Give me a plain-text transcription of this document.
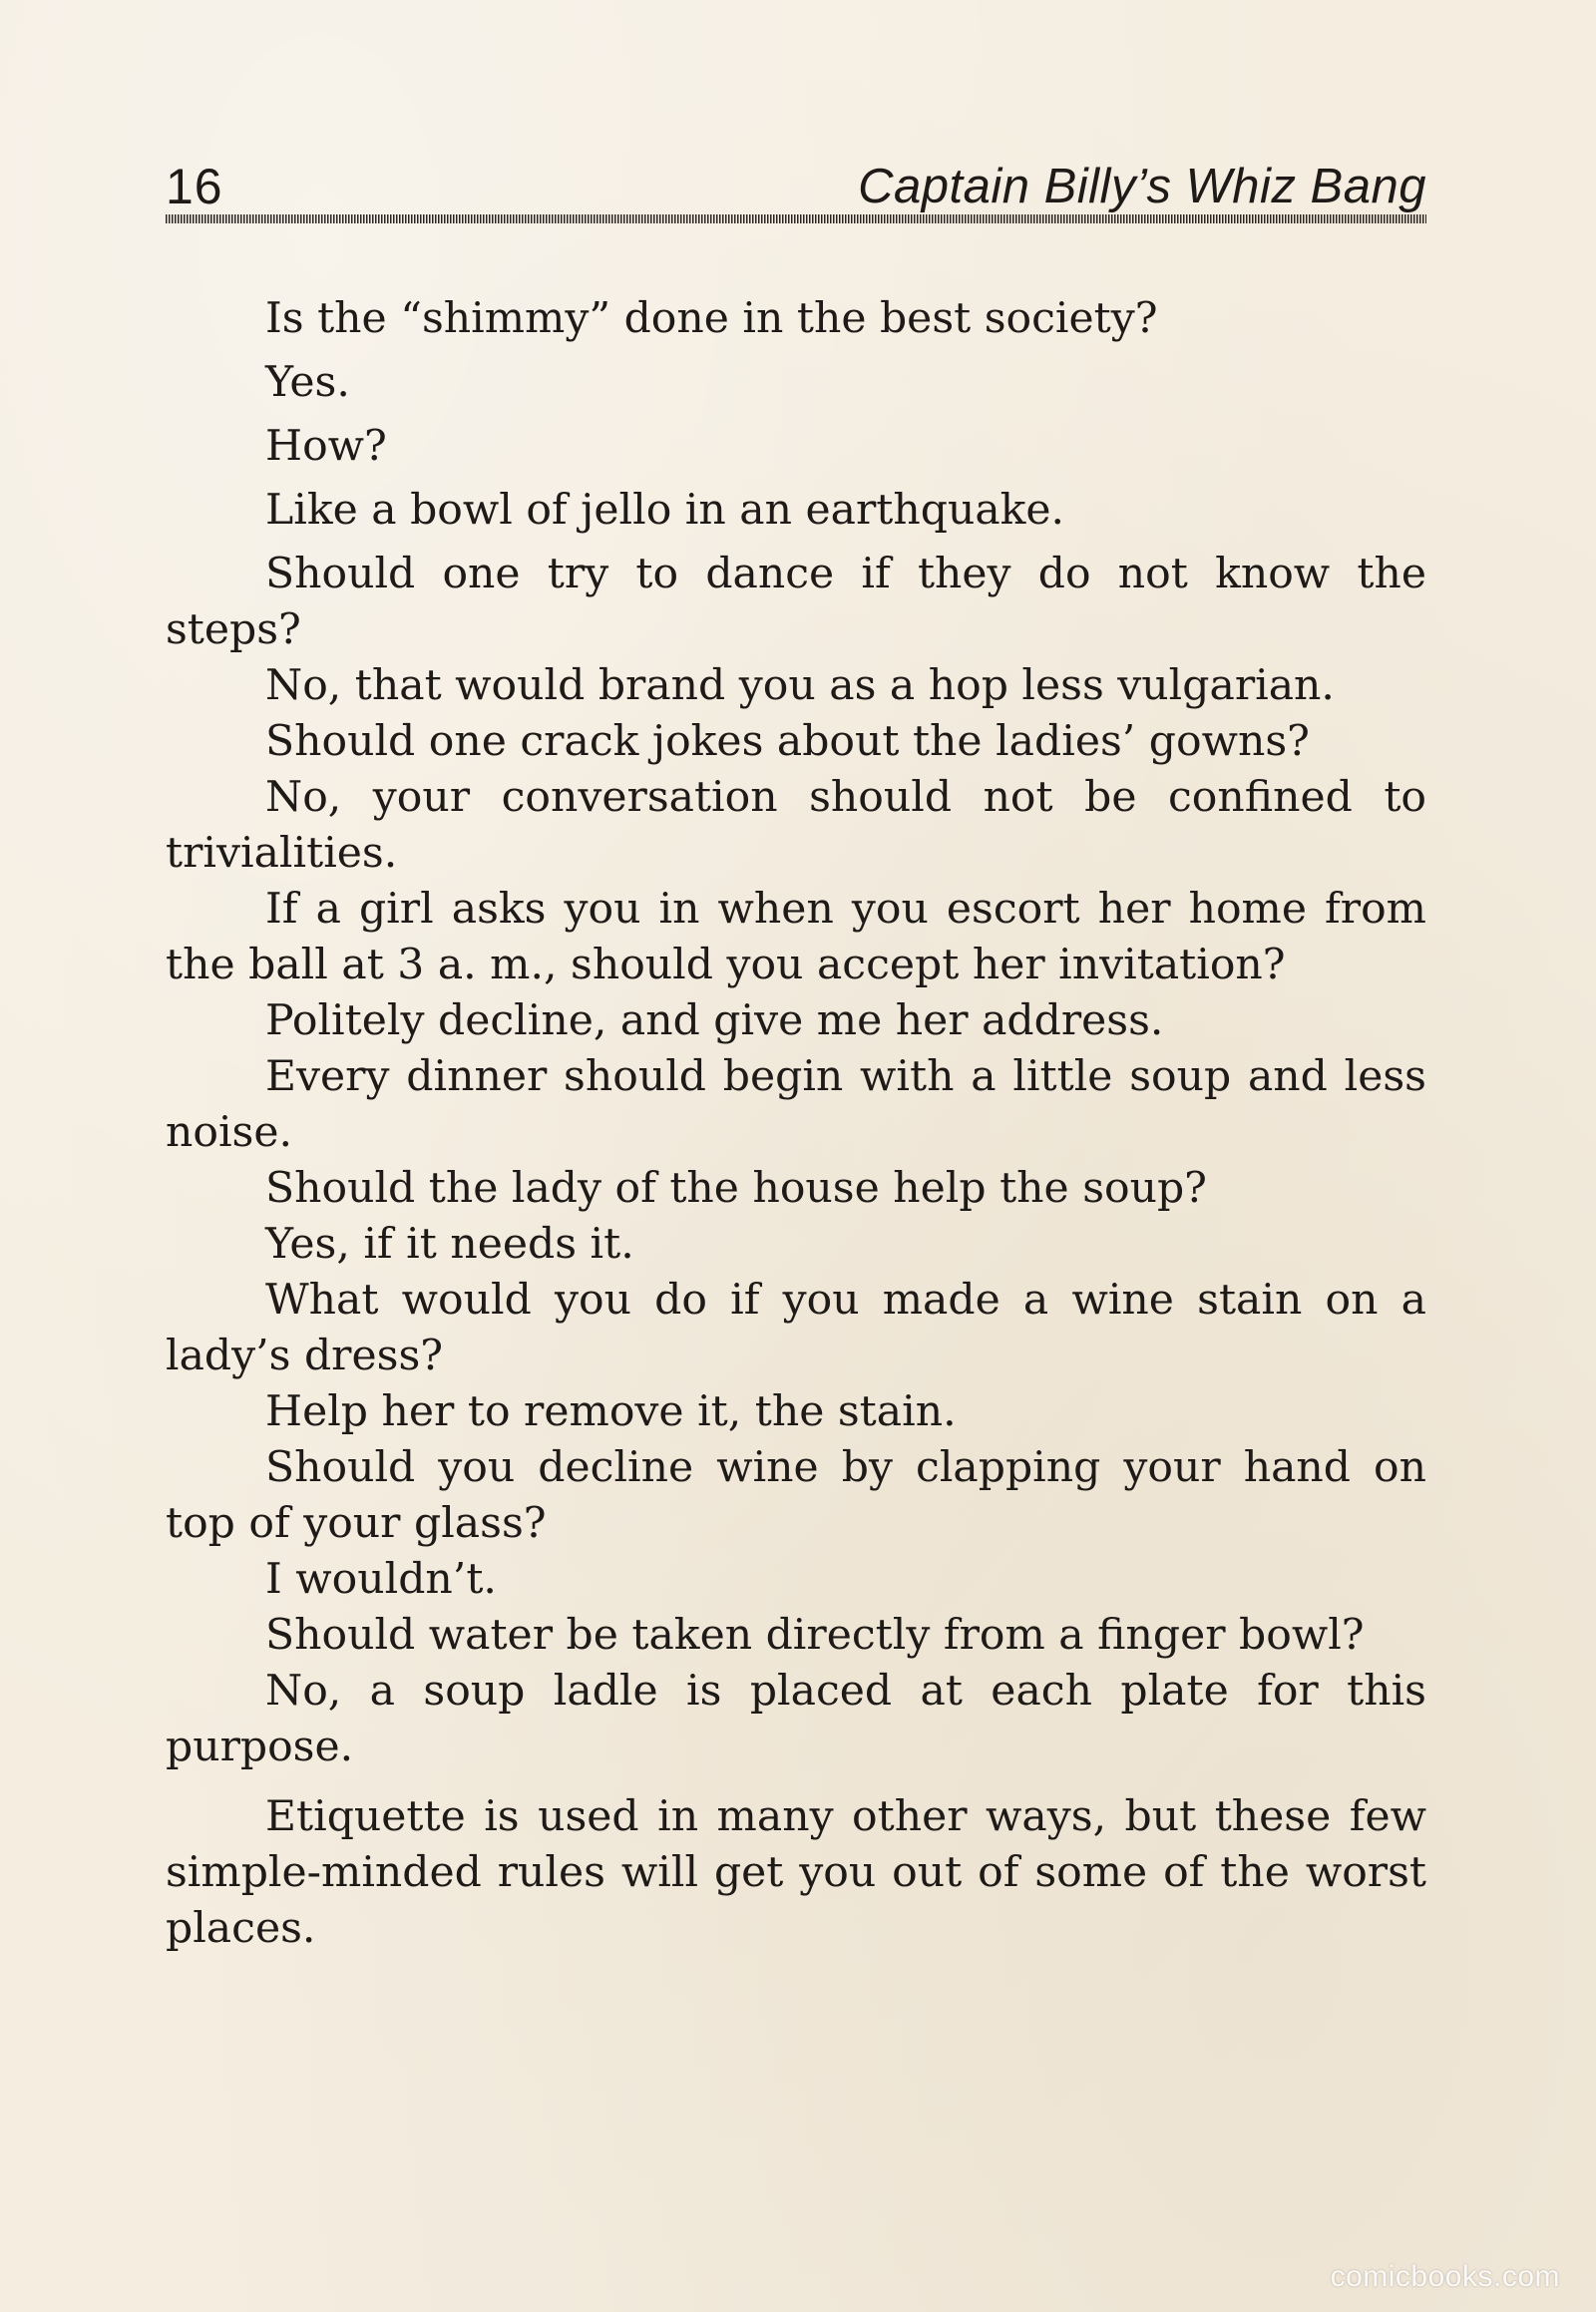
16	Captain Billy’s Whiz Bang

Is the “shimmy” done in the best society?

Yes.

How?

Like a bowl of jello in an earthquake.

Should one try to dance if they do not know the steps?

No, that would brand you as a hop less vulgarian.

Should one crack jokes about the ladies’ gowns?

No, your conversation should not be confined to trivialities.

If a girl asks you in when you escort her home from the ball at 3 a. m., should you accept her invitation?

Politely decline, and give me her address.

Every dinner should begin with a little soup and less noise.

Should the lady of the house help the soup?

Yes, if it needs it.

What would you do if you made a wine stain on a lady’s dress?

Help her to remove it, the stain.

Should you decline wine by clapping your hand on top of your glass?

I wouldn’t.

Should water be taken directly from a finger bowl?

No, a soup ladle is placed at each plate for this purpose.

Etiquette is used in many other ways, but these few simple-minded rules will get you out of some of the worst places.

comicbooks.com
